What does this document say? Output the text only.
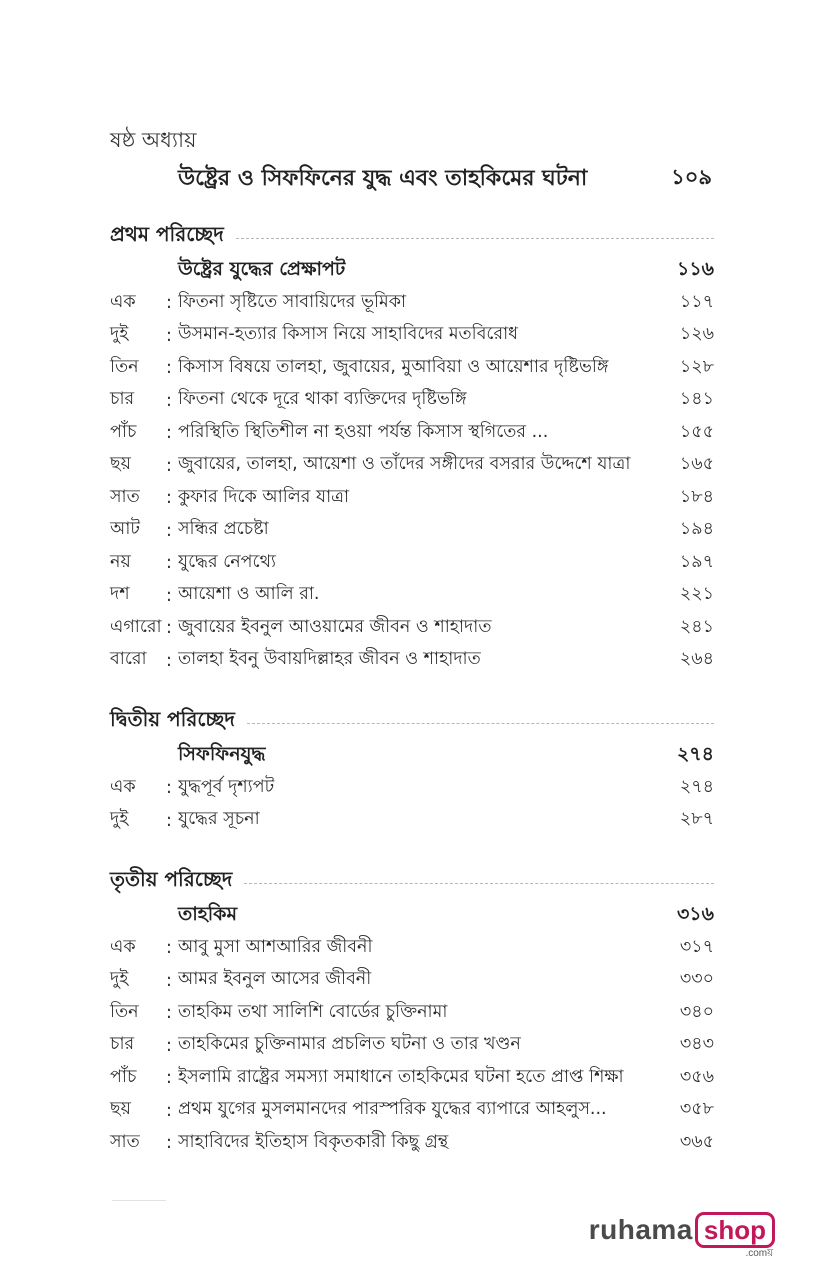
ষষ্ঠ অধ্যায়
উষ্ট্রের ও সিফফিনের যুদ্ধ এবং তাহকিমের ঘটনা	১০৯
প্রথম পরিচ্ছেদ
উষ্ট্রের যুদ্ধের প্রেক্ষাপট	১১৬
এক	: ফিতনা সৃষ্টিতে সাবায়িদের ভূমিকা	১১৭
দুই	: উসমান-হত্যার কিসাস নিয়ে সাহাবিদের মতবিরোধ	১২৬
তিন	: কিসাস বিষয়ে তালহা, জুবায়ের, মুআবিয়া ও আয়েশার দৃষ্টিভঙ্গি	১২৮
চার	: ফিতনা থেকে দূরে থাকা ব্যক্তিদের দৃষ্টিভঙ্গি	১৪১
পাঁচ	: পরিস্থিতি স্থিতিশীল না হওয়া পর্যন্ত কিসাস স্থগিতের ...	১৫৫
ছয়	: জুবায়ের, তালহা, আয়েশা ও তাঁদের সঙ্গীদের বসরার উদ্দেশে যাত্রা	১৬৫
সাত	: কুফার দিকে আলির যাত্রা	১৮৪
আট	: সন্ধির প্রচেষ্টা	১৯৪
নয়	: যুদ্ধের নেপথ্যে	১৯৭
দশ	: আয়েশা ও আলি রা.	২২১
এগারো : জুবায়ের ইবনুল আওয়ামের জীবন ও শাহাদাত	২৪১
বারো	: তালহা ইবনু উবায়দিল্লাহর জীবন ও শাহাদাত	২৬৪
দ্বিতীয় পরিচ্ছেদ
সিফফিনযুদ্ধ	২৭৪
এক	: যুদ্ধপূর্ব দৃশ্যপট	২৭৪
দুই	: যুদ্ধের সূচনা	২৮৭
তৃতীয় পরিচ্ছেদ
তাহকিম	৩১৬
এক	: আবু মুসা আশআরির জীবনী	৩১৭
দুই	: আমর ইবনুল আসের জীবনী	৩৩০
তিন	: তাহকিম তথা সালিশি বোর্ডের চুক্তিনামা	৩৪০
চার	: তাহকিমের চুক্তিনামার প্রচলিত ঘটনা ও তার খণ্ডন	৩৪৩
পাঁচ	: ইসলামি রাষ্ট্রের সমস্যা সমাধানে তাহকিমের ঘটনা হতে প্রাপ্ত শিক্ষা	৩৫৬
ছয়	: প্রথম যুগের মুসলমানদের পারস্পরিক যুদ্ধের ব্যাপারে আহলুস...	৩৫৮
সাত	: সাহাবিদের ইতিহাস বিকৃতকারী কিছু গ্রন্থ	৩৬৫
ruhama shop
.comয়
